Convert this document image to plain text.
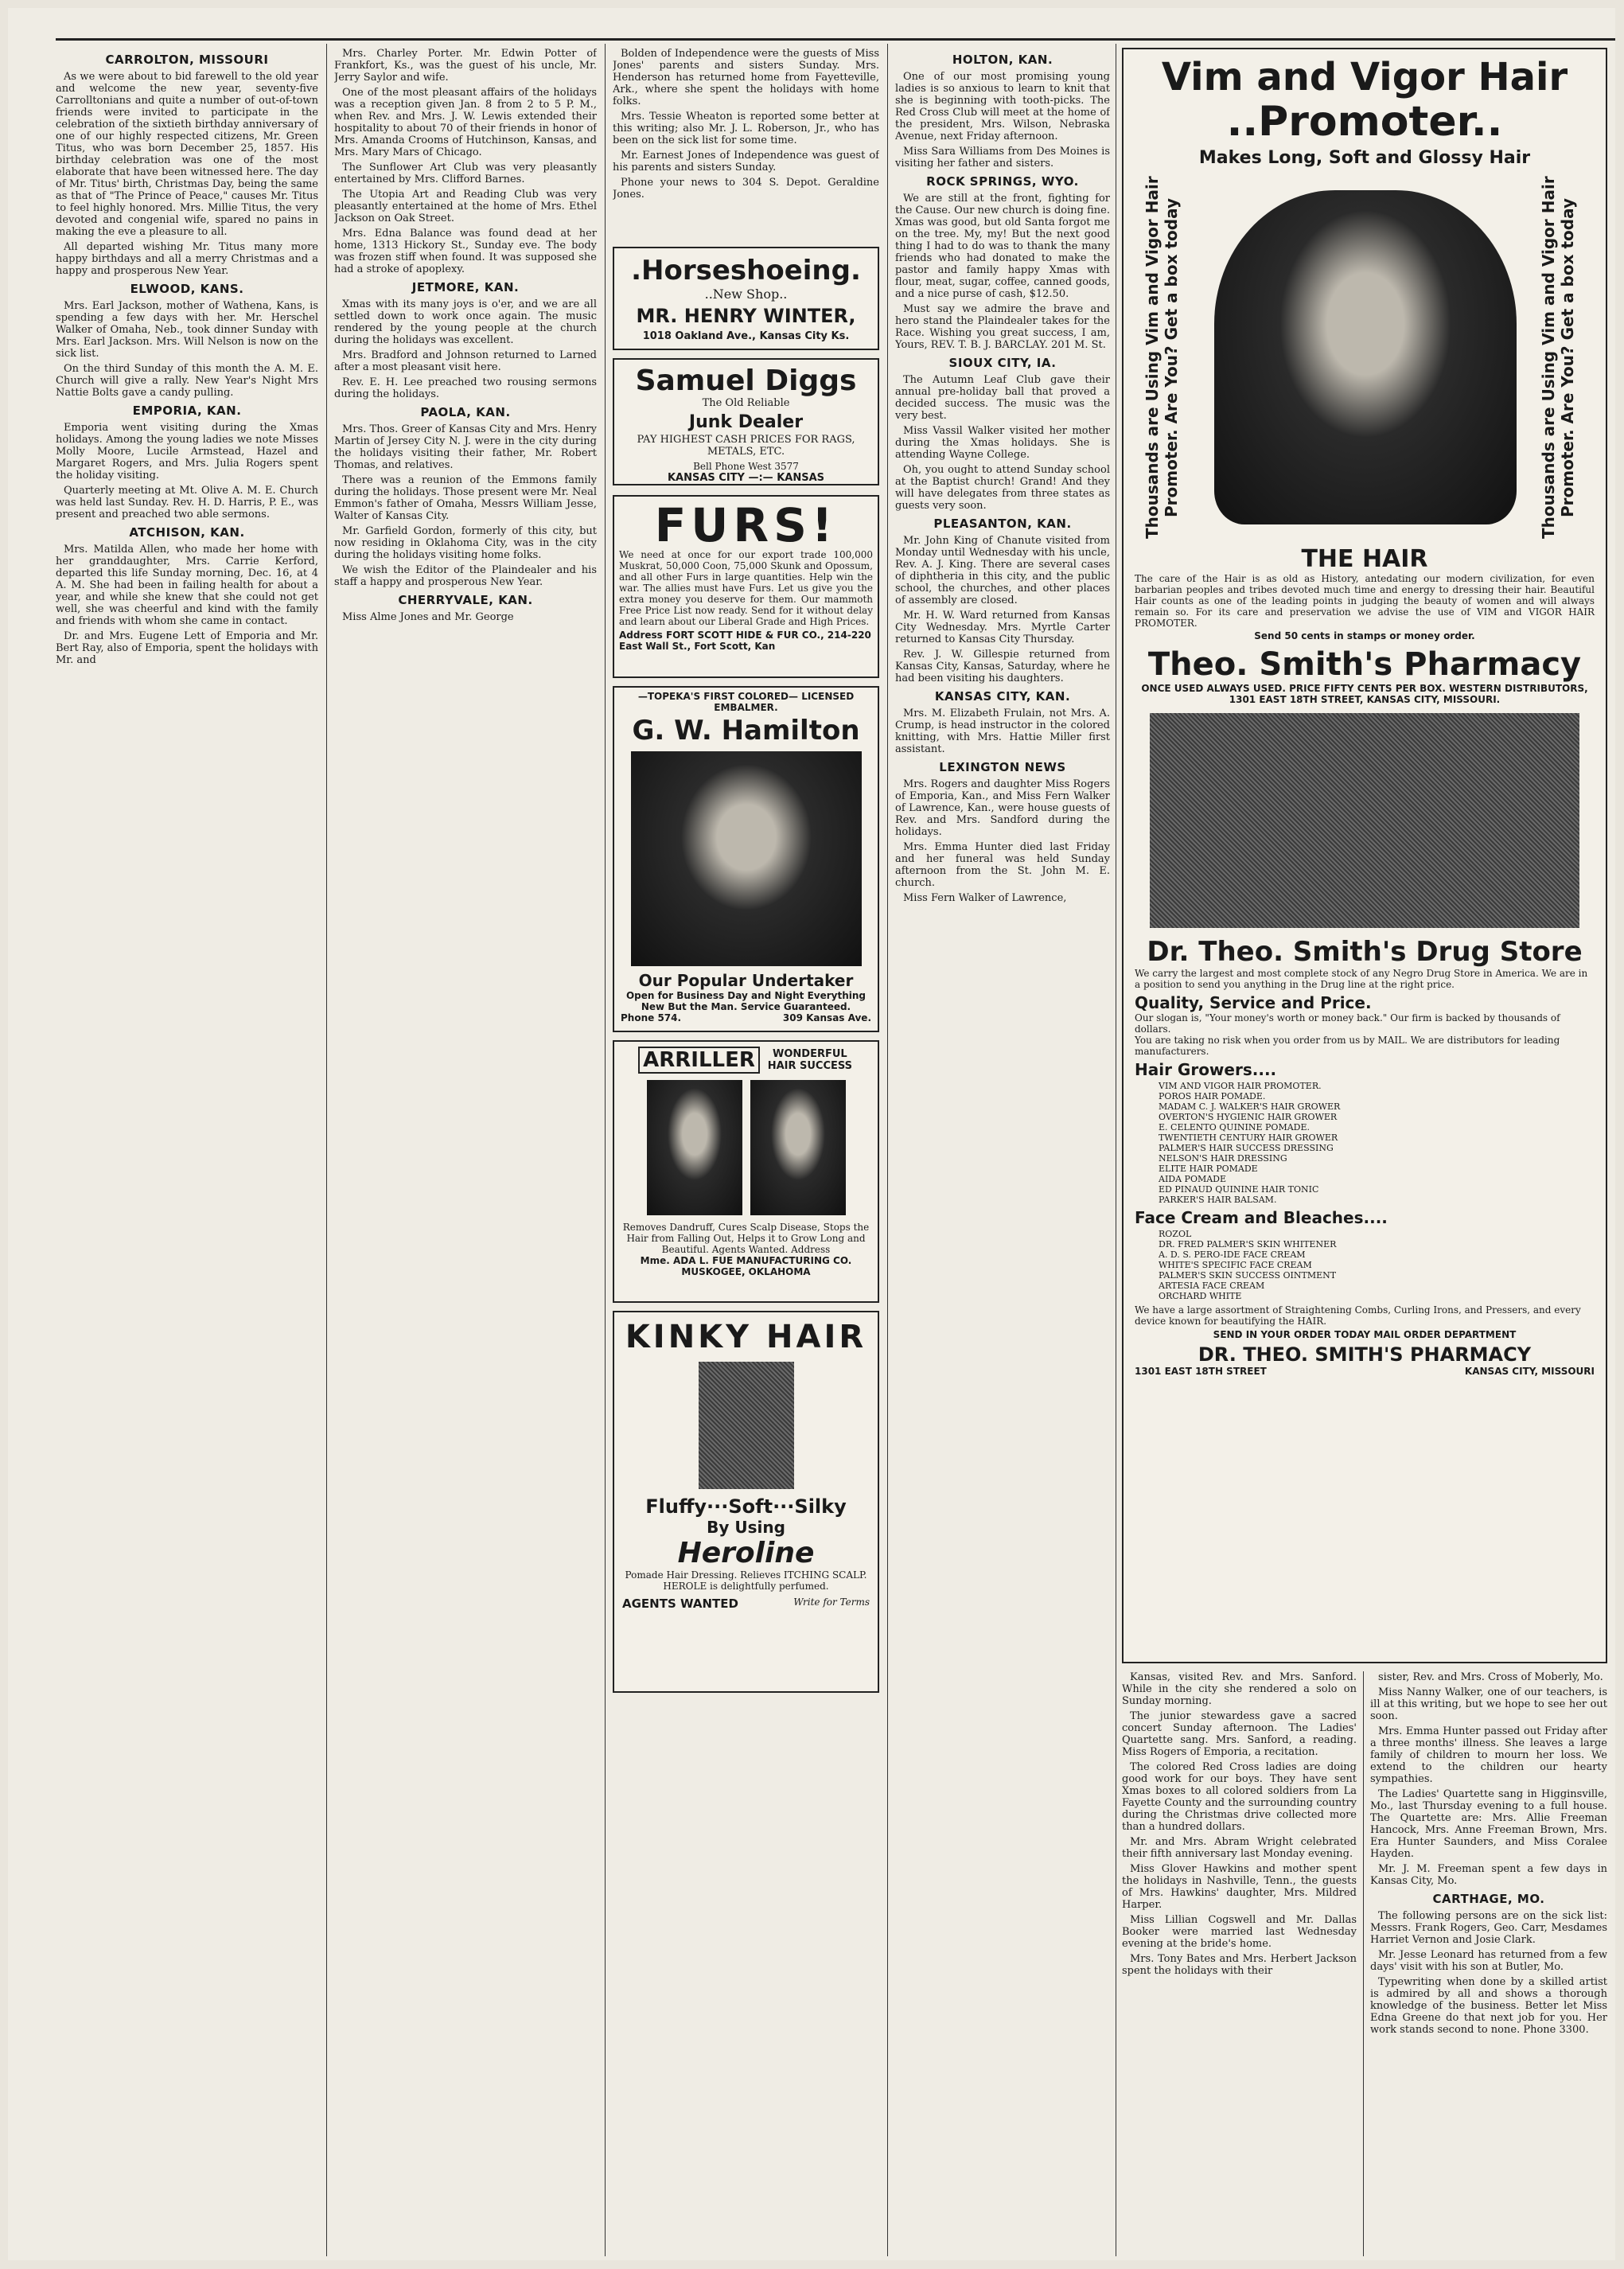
CARROLTON, MISSOURI

As we were about to bid farewell to the old year and welcome the new year, seventy-five Carrolltonians and quite a number of out-of-town friends were invited to participate in the celebration of the sixtieth birthday anniversary of one of our highly respected citizens, Mr. Green Titus, who was born December 25, 1857. His birthday celebration was one of the most elaborate that have been witnessed here. The day of Mr. Titus' birth, Christmas Day, being the same as that of "The Prince of Peace," causes Mr. Titus to feel highly honored. Mrs. Millie Titus, the very devoted and congenial wife, spared no pains in making the eve a pleasure to all.

All departed wishing Mr. Titus many more happy birthdays and all a merry Christmas and a happy and prosperous New Year.

ELWOOD, KANS.

Mrs. Earl Jackson, mother of Wathena, Kans, is spending a few days with her. Mr. Herschel Walker of Omaha, Neb., took dinner Sunday with Mrs. Earl Jackson. Mrs. Will Nelson is now on the sick list.

On the third Sunday of this month the A. M. E. Church will give a rally. New Year's Night Mrs Nattie Bolts gave a candy pulling.

EMPORIA, KAN.

Emporia went visiting during the Xmas holidays. Among the young ladies we note Misses Molly Moore, Lucile Armstead, Hazel and Margaret Rogers, and Mrs. Julia Rogers spent the holiday visiting.

Quarterly meeting at Mt. Olive A. M. E. Church was held last Sunday. Rev. H. D. Harris, P. E., was present and preached two able sermons.

ATCHISON, KAN.

Mrs. Matilda Allen, who made her home with her granddaughter, Mrs. Carrie Kerford, departed this life Sunday morning, Dec. 16, at 4 A. M. She had been in failing health for about a year, and while she knew that she could not get well, she was cheerful and kind with the family and friends with whom she came in contact.

Dr. and Mrs. Eugene Lett of Emporia and Mr. Bert Ray, also of Emporia, spent the holidays with Mr. and

Mrs. Charley Porter. Mr. Edwin Potter of Frankfort, Ks., was the guest of his uncle, Mr. Jerry Saylor and wife.

One of the most pleasant affairs of the holidays was a reception given Jan. 8 from 2 to 5 P. M., when Rev. and Mrs. J. W. Lewis extended their hospitality to about 70 of their friends in honor of Mrs. Amanda Crooms of Hutchinson, Kansas, and Mrs. Mary Mars of Chicago.

The Sunflower Art Club was very pleasantly entertained by Mrs. Clifford Barnes.

The Utopia Art and Reading Club was very pleasantly entertained at the home of Mrs. Ethel Jackson on Oak Street.

Mrs. Edna Balance was found dead at her home, 1313 Hickory St., Sunday eve. The body was frozen stiff when found. It was supposed she had a stroke of apoplexy.

JETMORE, KAN.

Xmas with its many joys is o'er, and we are all settled down to work once again. The music rendered by the young people at the church during the holidays was excellent.

Mrs. Bradford and Johnson returned to Larned after a most pleasant visit here.

Rev. E. H. Lee preached two rousing sermons during the holidays.

PAOLA, KAN.

Mrs. Thos. Greer of Kansas City and Mrs. Henry Martin of Jersey City N. J. were in the city during the holidays visiting their father, Mr. Robert Thomas, and relatives.

There was a reunion of the Emmons family during the holidays. Those present were Mr. Neal Emmon's father of Omaha, Messrs William Jesse, Walter of Kansas City.

Mr. Garfield Gordon, formerly of this city, but now residing in Oklahoma City, was in the city during the holidays visiting home folks.

We wish the Editor of the Plaindealer and his staff a happy and prosperous New Year.

CHERRYVALE, KAN.

Miss Alme Jones and Mr. George

Bolden of Independence were the guests of Miss Jones' parents and sisters Sunday. Mrs. Henderson has returned home from Fayetteville, Ark., where she spent the holidays with home folks.

Mrs. Tessie Wheaton is reported some better at this writing; also Mr. J. L. Roberson, Jr., who has been on the sick list for some time.

Mr. Earnest Jones of Independence was guest of his parents and sisters Sunday.

Phone your news to 304 S. Depot. Geraldine Jones.

.Horseshoeing.
..New Shop..
MR. HENRY WINTER,
1018 Oakland Ave., Kansas City Ks.
Samuel Diggs
The Old Reliable
Junk Dealer
PAY HIGHEST CASH PRICES FOR RAGS, METALS, ETC.
Bell Phone West 3577
KANSAS CITY —:— KANSAS
FURS!
We need at once for our export trade 100,000 Muskrat, 50,000 Coon, 75,000 Skunk and Opossum, and all other Furs in large quantities. Help win the war. The allies must have Furs. Let us give you the extra money you deserve for them. Our mammoth Free Price List now ready. Send for it without delay and learn about our Liberal Grade and High Prices.
Address FORT SCOTT HIDE & FUR CO., 214-220 East Wall St., Fort Scott, Kan
—TOPEKA'S FIRST COLORED— LICENSED EMBALMER.
G. W. Hamilton
Our Popular Undertaker
Open for Business Day and Night Everything New But the Man. Service Guaranteed.
Phone 574.	309 Kansas Ave.
ARRILLER	WONDERFUL HAIR SUCCESS
Removes Dandruff, Cures Scalp Disease, Stops the Hair from Falling Out, Helps it to Grow Long and Beautiful. Agents Wanted. Address
Mme. ADA L. FUE MANUFACTURING CO.
MUSKOGEE, OKLAHOMA
KINKY HAIR
Fluffy···Soft···Silky
By Using
Heroline
Pomade Hair Dressing. Relieves ITCHING SCALP. HEROLE is delightfully perfumed.
AGENTS WANTED	Write for Terms
HOLTON, KAN.

One of our most promising young ladies is so anxious to learn to knit that she is beginning with tooth-picks. The Red Cross Club will meet at the home of the president, Mrs. Wilson, Nebraska Avenue, next Friday afternoon.

Miss Sara Williams from Des Moines is visiting her father and sisters.

ROCK SPRINGS, WYO.

We are still at the front, fighting for the Cause. Our new church is doing fine. Xmas was good, but old Santa forgot me on the tree. My, my! But the next good thing I had to do was to thank the many friends who had donated to make the pastor and family happy Xmas with flour, meat, sugar, coffee, canned goods, and a nice purse of cash, $12.50.

Must say we admire the brave and hero stand the Plaindealer takes for the Race. Wishing you great success, I am, Yours, REV. T. B. J. BARCLAY. 201 M. St.

SIOUX CITY, IA.

The Autumn Leaf Club gave their annual pre-holiday ball that proved a decided success. The music was the very best.

Miss Vassil Walker visited her mother during the Xmas holidays. She is attending Wayne College.

Oh, you ought to attend Sunday school at the Baptist church! Grand! And they will have delegates from three states as guests very soon.

PLEASANTON, KAN.

Mr. John King of Chanute visited from Monday until Wednesday with his uncle, Rev. A. J. King. There are several cases of diphtheria in this city, and the public school, the churches, and other places of assembly are closed.

Mr. H. W. Ward returned from Kansas City Wednesday. Mrs. Myrtle Carter returned to Kansas City Thursday.

Rev. J. W. Gillespie returned from Kansas City, Kansas, Saturday, where he had been visiting his daughters.

KANSAS CITY, KAN.

Mrs. M. Elizabeth Frulain, not Mrs. A. Crump, is head instructor in the colored knitting, with Mrs. Hattie Miller first assistant.

LEXINGTON NEWS

Mrs. Rogers and daughter Miss Rogers of Emporia, Kan., and Miss Fern Walker of Lawrence, Kan., were house guests of Rev. and Mrs. Sandford during the holidays.

Mrs. Emma Hunter died last Friday and her funeral was held Sunday afternoon from the St. John M. E. church.

Miss Fern Walker of Lawrence,

Vim and Vigor Hair
..Promoter..
Makes Long, Soft and Glossy Hair
Thousands are Using Vim and Vigor Hair Promoter. Are You? Get a box today	Thousands are Using Vim and Vigor Hair Promoter. Are You? Get a box today
THE HAIR
The care of the Hair is as old as History, antedating our modern civilization, for even barbarian peoples and tribes devoted much time and energy to dressing their hair. Beautiful Hair counts as one of the leading points in judging the beauty of women and will always remain so. For its care and preservation we advise the use of VIM and VIGOR HAIR PROMOTER.
Send 50 cents in stamps or money order.
Theo. Smith's Pharmacy
ONCE USED ALWAYS USED. PRICE FIFTY CENTS PER BOX. WESTERN DISTRIBUTORS, 1301 EAST 18TH STREET, KANSAS CITY, MISSOURI.
Dr. Theo. Smith's Drug Store
We carry the largest and most complete stock of any Negro Drug Store in America. We are in a position to send you anything in the Drug line at the right price.
Quality, Service and Price.
Our slogan is, "Your money's worth or money back." Our firm is backed by thousands of dollars.
You are taking no risk when you order from us by MAIL. We are distributors for leading manufacturers.
Hair Growers....
VIM AND VIGOR HAIR PROMOTER.
POROS HAIR POMADE.
MADAM C. J. WALKER'S HAIR GROWER
OVERTON'S HYGIENIC HAIR GROWER
E. CELENTO QUININE POMADE.
TWENTIETH CENTURY HAIR GROWER
PALMER'S HAIR SUCCESS DRESSING
NELSON'S HAIR DRESSING
ELITE HAIR POMADE
AIDA POMADE
ED PINAUD QUININE HAIR TONIC
PARKER'S HAIR BALSAM.
Face Cream and Bleaches....
ROZOL
DR. FRED PALMER'S SKIN WHITENER
A. D. S. PERO-IDE FACE CREAM
WHITE'S SPECIFIC FACE CREAM
PALMER'S SKIN SUCCESS OINTMENT
ARTESIA FACE CREAM
ORCHARD WHITE
We have a large assortment of Straightening Combs, Curling Irons, and Pressers, and every device known for beautifying the HAIR.
SEND IN YOUR ORDER TODAY MAIL ORDER DEPARTMENT
DR. THEO. SMITH'S PHARMACY
1301 EAST 18TH STREET	KANSAS CITY, MISSOURI

Kansas, visited Rev. and Mrs. Sanford. While in the city she rendered a solo on Sunday morning.

The junior stewardess gave a sacred concert Sunday afternoon. The Ladies' Quartette sang. Mrs. Sanford, a reading. Miss Rogers of Emporia, a recitation.

The colored Red Cross ladies are doing good work for our boys. They have sent Xmas boxes to all colored soldiers from La Fayette County and the surrounding country during the Christmas drive collected more than a hundred dollars.

Mr. and Mrs. Abram Wright celebrated their fifth anniversary last Monday evening.

Miss Glover Hawkins and mother spent the holidays in Nashville, Tenn., the guests of Mrs. Hawkins' daughter, Mrs. Mildred Harper.

Miss Lillian Cogswell and Mr. Dallas Booker were married last Wednesday evening at the bride's home.

Mrs. Tony Bates and Mrs. Herbert Jackson spent the holidays with their

sister, Rev. and Mrs. Cross of Moberly, Mo.

Miss Nanny Walker, one of our teachers, is ill at this writing, but we hope to see her out soon.

Mrs. Emma Hunter passed out Friday after a three months' illness. She leaves a large family of children to mourn her loss. We extend to the children our hearty sympathies.

The Ladies' Quartette sang in Higginsville, Mo., last Thursday evening to a full house. The Quartette are: Mrs. Allie Freeman Hancock, Mrs. Anne Freeman Brown, Mrs. Era Hunter Saunders, and Miss Coralee Hayden.

Mr. J. M. Freeman spent a few days in Kansas City, Mo.

CARTHAGE, MO.

The following persons are on the sick list: Messrs. Frank Rogers, Geo. Carr, Mesdames Harriet Vernon and Josie Clark.

Mr. Jesse Leonard has returned from a few days' visit with his son at Butler, Mo.

Typewriting when done by a skilled artist is admired by all and shows a thorough knowledge of the business. Better let Miss Edna Greene do that next job for you. Her work stands second to none. Phone 3300.
